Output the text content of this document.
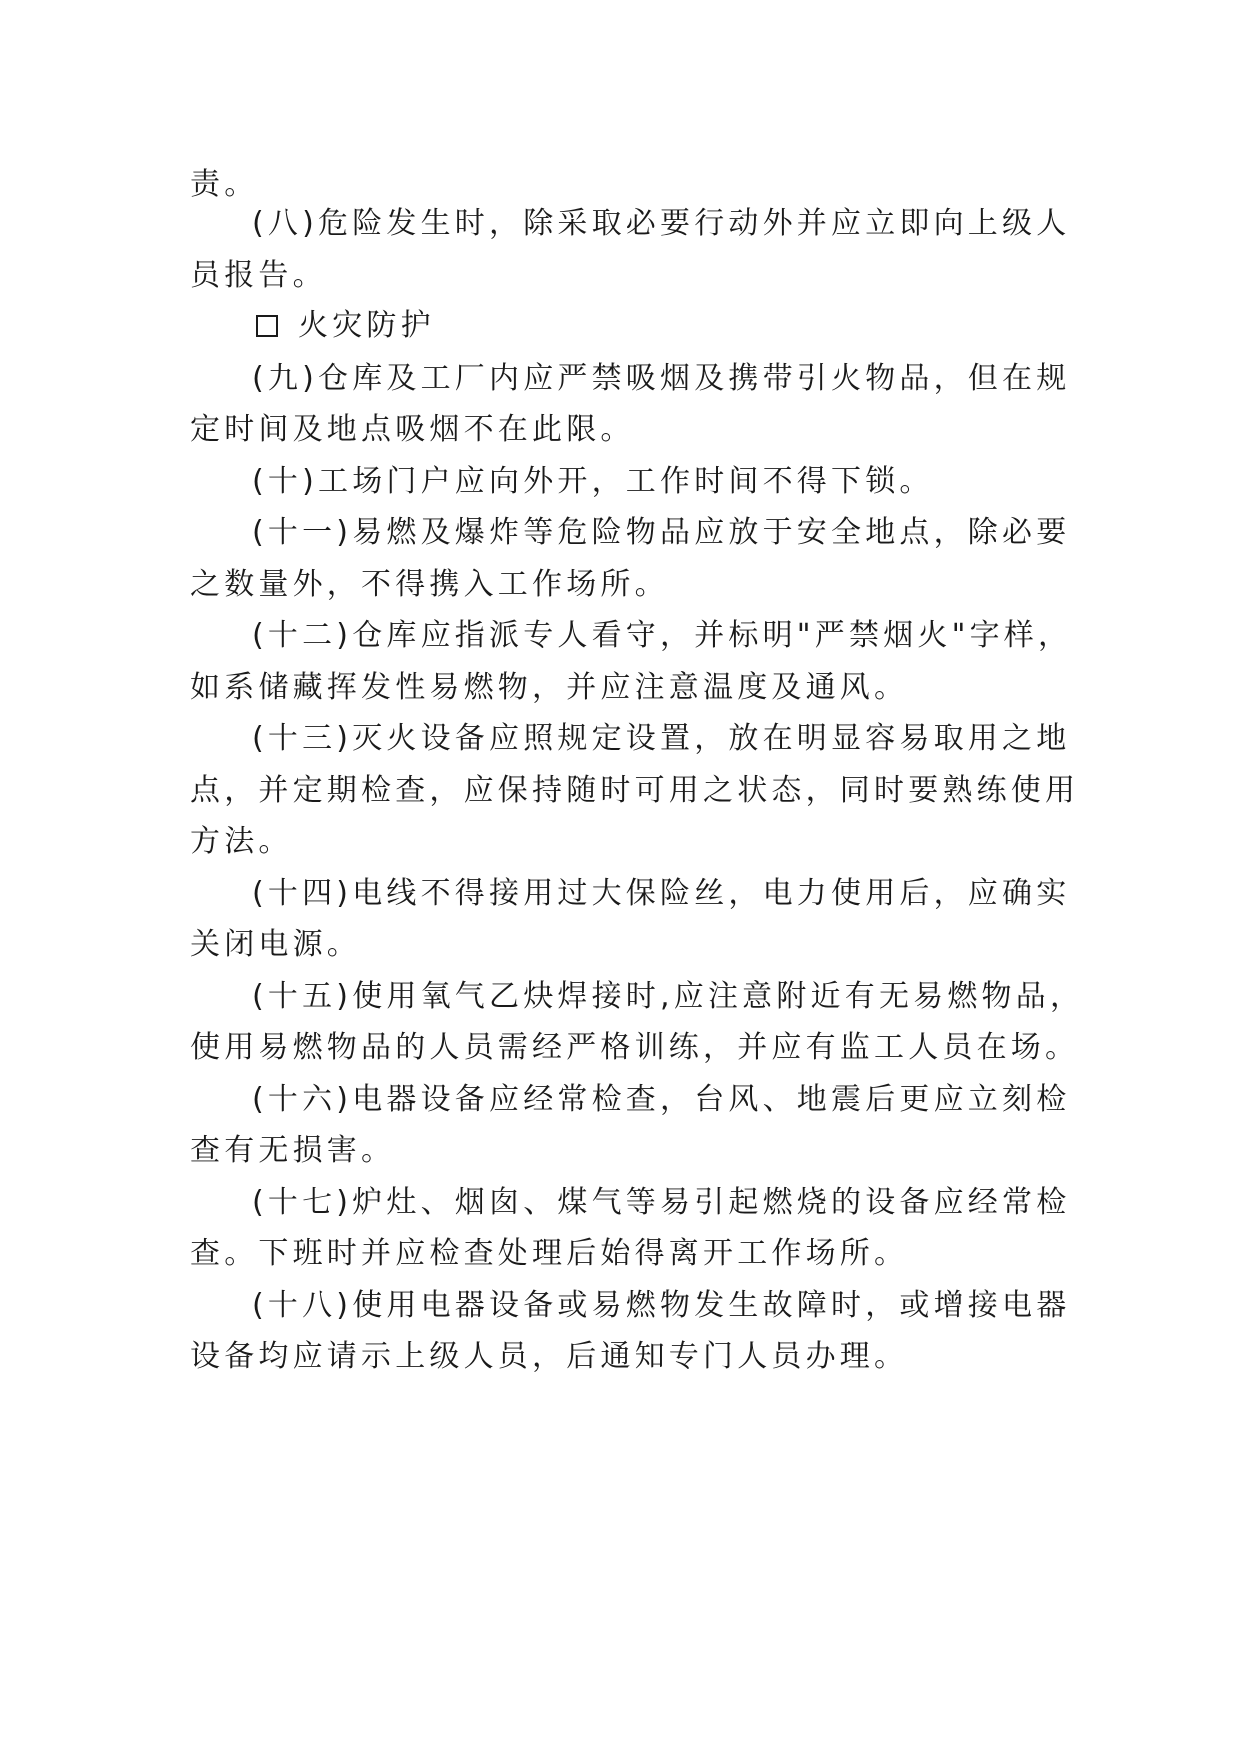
责。
(八)危险发生时，除采取必要行动外并应立即向上级人
员报告。
火灾防护
(九)仓库及工厂内应严禁吸烟及携带引火物品，但在规
定时间及地点吸烟不在此限。
(十)工场门户应向外开，工作时间不得下锁。
(十一)易燃及爆炸等危险物品应放于安全地点，除必要
之数量外，不得携入工作场所。
(十二)仓库应指派专人看守，并标明"严禁烟火"字样，
如系储藏挥发性易燃物，并应注意温度及通风。
(十三)灭火设备应照规定设置，放在明显容易取用之地
点，并定期检查，应保持随时可用之状态，同时要熟练使用
方法。
(十四)电线不得接用过大保险丝，电力使用后，应确实
关闭电源。
(十五)使用氧气乙炔焊接时,应注意附近有无易燃物品，
使用易燃物品的人员需经严格训练，并应有监工人员在场。
(十六)电器设备应经常检查，台风、地震后更应立刻检
查有无损害。
(十七)炉灶、烟囱、煤气等易引起燃烧的设备应经常检
查。下班时并应检查处理后始得离开工作场所。
(十八)使用电器设备或易燃物发生故障时，或增接电器
设备均应请示上级人员，后通知专门人员办理。
